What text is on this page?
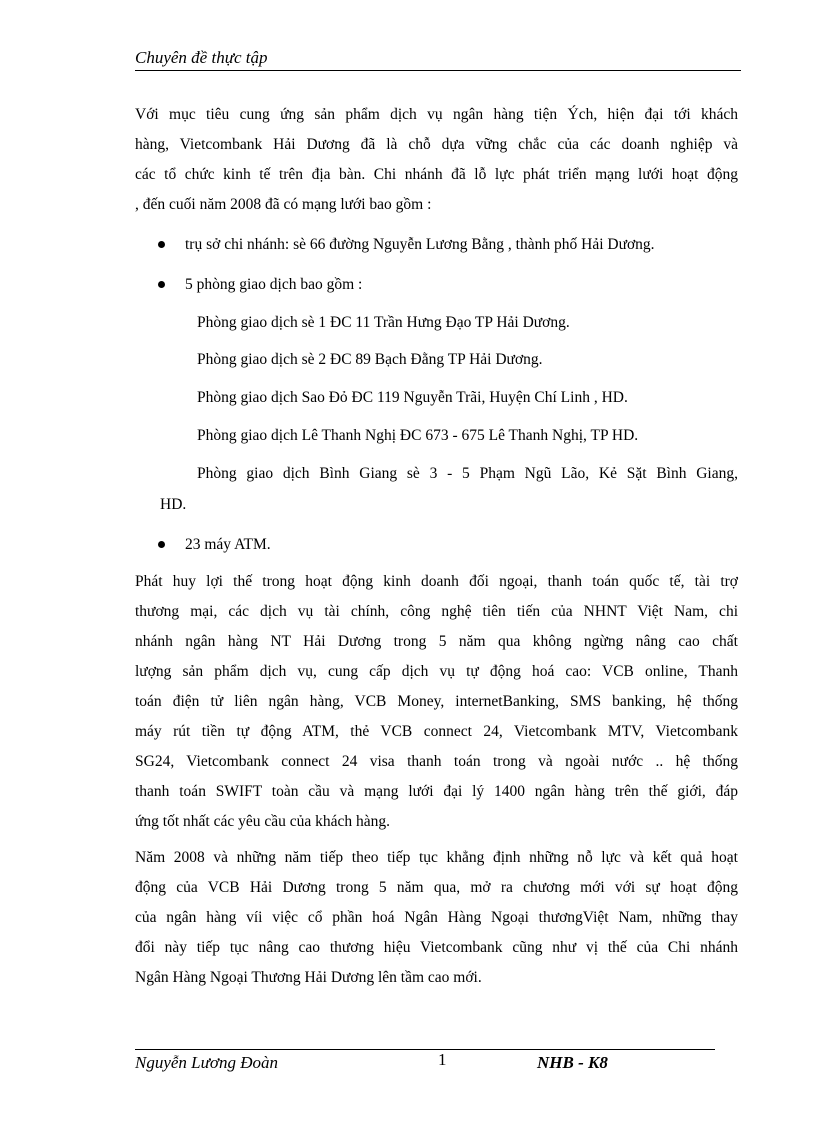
Chuyên đề thực tập
Với mục tiêu cung ứng sản phẩm dịch vụ ngân hàng tiện Ých, hiện đại tới khách
hàng, Vietcombank Hải Dương đã là chỗ dựa vững chắc của các doanh nghiệp và
các tổ chức kinh tế trên địa bàn. Chi nhánh đã lỗ lực phát triển mạng lưới hoạt động
, đến cuối năm 2008 đã có mạng lưới bao gồm :
trụ sở chi nhánh: sè 66 đường Nguyễn Lương Bằng , thành phố Hải Dương.
5 phòng giao dịch bao gồm :
Phòng giao dịch sè 1 ĐC 11 Trần Hưng Đạo TP Hải Dương.
Phòng giao dịch sè 2 ĐC 89 Bạch Đằng TP Hải Dương.
Phòng giao dịch Sao Đỏ ĐC 119 Nguyễn Trãi, Huyện Chí Linh , HD.
Phòng giao dịch Lê Thanh Nghị ĐC 673 - 675 Lê Thanh Nghị, TP HD.
Phòng giao dịch Bình Giang sè 3 - 5 Phạm Ngũ Lão, Kẻ Sặt Bình Giang,
HD.
23 máy ATM.
Phát huy lợi thế trong hoạt động kinh doanh đối ngoại, thanh toán quốc tế, tài trợ
thương mại, các dịch vụ tài chính, công nghệ tiên tiến của NHNT Việt Nam, chi
nhánh ngân hàng NT Hải Dương trong 5 năm qua không ngừng nâng cao chất
lượng sản phẩm dịch vụ, cung cấp dịch vụ tự động hoá cao: VCB online, Thanh
toán điện tử liên ngân hàng, VCB Money, internetBanking, SMS banking, hệ thống
máy rút tiền tự động ATM, thẻ VCB connect 24, Vietcombank MTV, Vietcombank
SG24, Vietcombank connect 24 visa thanh toán trong và ngoài nước .. hệ thống
thanh toán SWIFT toàn cầu và mạng lưới đại lý 1400 ngân hàng trên thế giới, đáp
ứng tốt nhất các yêu cầu của khách hàng.
Năm 2008 và những năm tiếp theo tiếp tục khẳng định những nỗ lực và kết quả hoạt
động của VCB Hải Dương trong 5 năm qua, mở ra chương mới với sự hoạt động
của ngân hàng víi việc cổ phần hoá Ngân Hàng Ngoại thươngViệt Nam, những thay
đổi này tiếp tục nâng cao thương hiệu Vietcombank cũng như vị thế của Chi nhánh
Ngân Hàng Ngoại Thương Hải Dương lên tầm cao mới.
Nguyễn Lương Đoàn	1	NHB - K8
